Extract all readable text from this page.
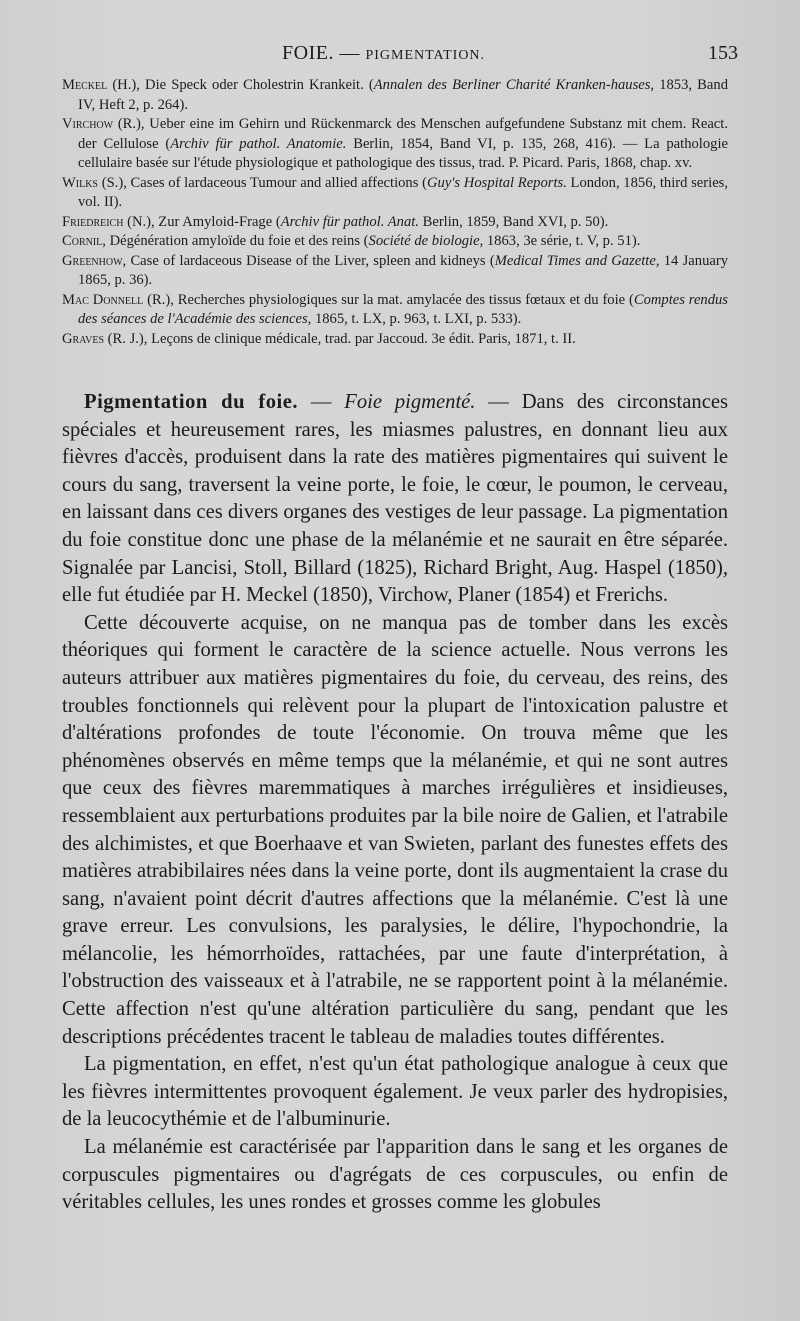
FOIE. — PIGMENTATION.	153

Meckel (H.), Die Speck oder Cholestrin Krankeit. (Annalen des Berliner Charité Kranken-hauses, 1853, Band IV, Heft 2, p. 264).

Virchow (R.), Ueber eine im Gehirn und Rückenmarck des Menschen aufgefundene Substanz mit chem. React. der Cellulose (Archiv für pathol. Anatomie. Berlin, 1854, Band VI, p. 135, 268, 416). — La pathologie cellulaire basée sur l'étude physiologique et pathologique des tissus, trad. P. Picard. Paris, 1868, chap. xv.

Wilks (S.), Cases of lardaceous Tumour and allied affections (Guy's Hospital Reports. London, 1856, third series, vol. II).

Friedreich (N.), Zur Amyloid-Frage (Archiv für pathol. Anat. Berlin, 1859, Band XVI, p. 50).

Cornil, Dégénération amyloïde du foie et des reins (Société de biologie, 1863, 3e série, t. V, p. 51).

Greenhow, Case of lardaceous Disease of the Liver, spleen and kidneys (Medical Times and Gazette, 14 January 1865, p. 36).

Mac Donnell (R.), Recherches physiologiques sur la mat. amylacée des tissus fœtaux et du foie (Comptes rendus des séances de l'Académie des sciences, 1865, t. LX, p. 963, t. LXI, p. 533).

Graves (R. J.), Leçons de clinique médicale, trad. par Jaccoud. 3e édit. Paris, 1871, t. II.

Pigmentation du foie. — Foie pigmenté. — Dans des circonstances spéciales et heureusement rares, les miasmes palustres, en donnant lieu aux fièvres d'accès, produisent dans la rate des matières pigmentaires qui suivent le cours du sang, traversent la veine porte, le foie, le cœur, le poumon, le cerveau, en laissant dans ces divers organes des vestiges de leur passage. La pigmentation du foie constitue donc une phase de la mélanémie et ne saurait en être séparée. Signalée par Lancisi, Stoll, Billard (1825), Richard Bright, Aug. Haspel (1850), elle fut étudiée par H. Meckel (1850), Virchow, Planer (1854) et Frerichs.

Cette découverte acquise, on ne manqua pas de tomber dans les excès théoriques qui forment le caractère de la science actuelle. Nous verrons les auteurs attribuer aux matières pigmentaires du foie, du cerveau, des reins, des troubles fonctionnels qui relèvent pour la plupart de l'intoxication palustre et d'altérations profondes de toute l'économie. On trouva même que les phénomènes observés en même temps que la mélanémie, et qui ne sont autres que ceux des fièvres maremmatiques à marches irrégulières et insidieuses, ressemblaient aux perturbations produites par la bile noire de Galien, et l'atrabile des alchimistes, et que Boerhaave et van Swieten, parlant des funestes effets des matières atrabibilaires nées dans la veine porte, dont ils augmentaient la crase du sang, n'avaient point décrit d'autres affections que la mélanémie. C'est là une grave erreur. Les convulsions, les paralysies, le délire, l'hypochondrie, la mélancolie, les hémorrhoïdes, rattachées, par une faute d'interprétation, à l'obstruction des vaisseaux et à l'atrabile, ne se rapportent point à la mélanémie. Cette affection n'est qu'une altération particulière du sang, pendant que les descriptions précédentes tracent le tableau de maladies toutes différentes.

La pigmentation, en effet, n'est qu'un état pathologique analogue à ceux que les fièvres intermittentes provoquent également. Je veux parler des hydropisies, de la leucocythémie et de l'albuminurie.

La mélanémie est caractérisée par l'apparition dans le sang et les organes de corpuscules pigmentaires ou d'agrégats de ces corpuscules, ou enfin de véritables cellules, les unes rondes et grosses comme les globules
